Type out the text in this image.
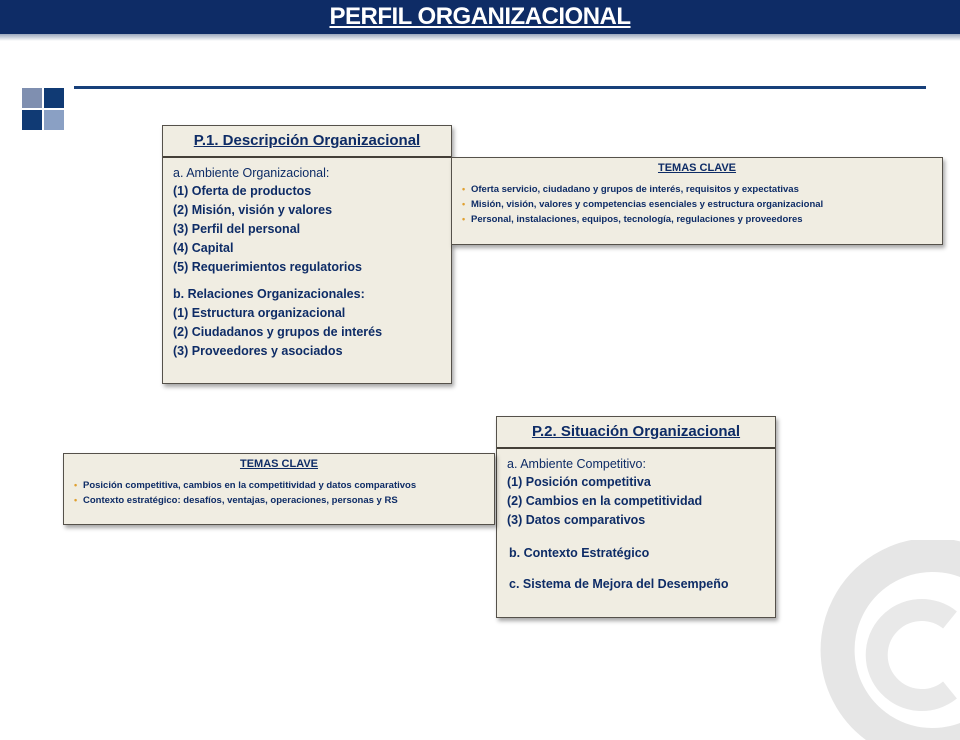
PERFIL ORGANIZACIONAL
P.1. Descripción Organizacional
a. Ambiente Organizacional:
(1) Oferta de productos
(2) Misión, visión y valores
(3) Perfil del personal
(4) Capital
(5) Requerimientos regulatorios
b. Relaciones Organizacionales:
(1) Estructura organizacional
(2) Ciudadanos y grupos de interés
(3) Proveedores y asociados
TEMAS CLAVE
• Oferta servicio, ciudadano y grupos de interés, requisitos y expectativas
• Misión, visión, valores y competencias esenciales y estructura organizacional
• Personal, instalaciones, equipos, tecnología, regulaciones y proveedores
P.2. Situación Organizacional
a. Ambiente Competitivo:
(1) Posición competitiva
(2) Cambios en la competitividad
(3) Datos comparativos
b. Contexto Estratégico
c. Sistema de Mejora del Desempeño
TEMAS CLAVE
• Posición competitiva, cambios en la competitividad y datos comparativos
• Contexto estratégico: desafíos, ventajas, operaciones, personas y RS
